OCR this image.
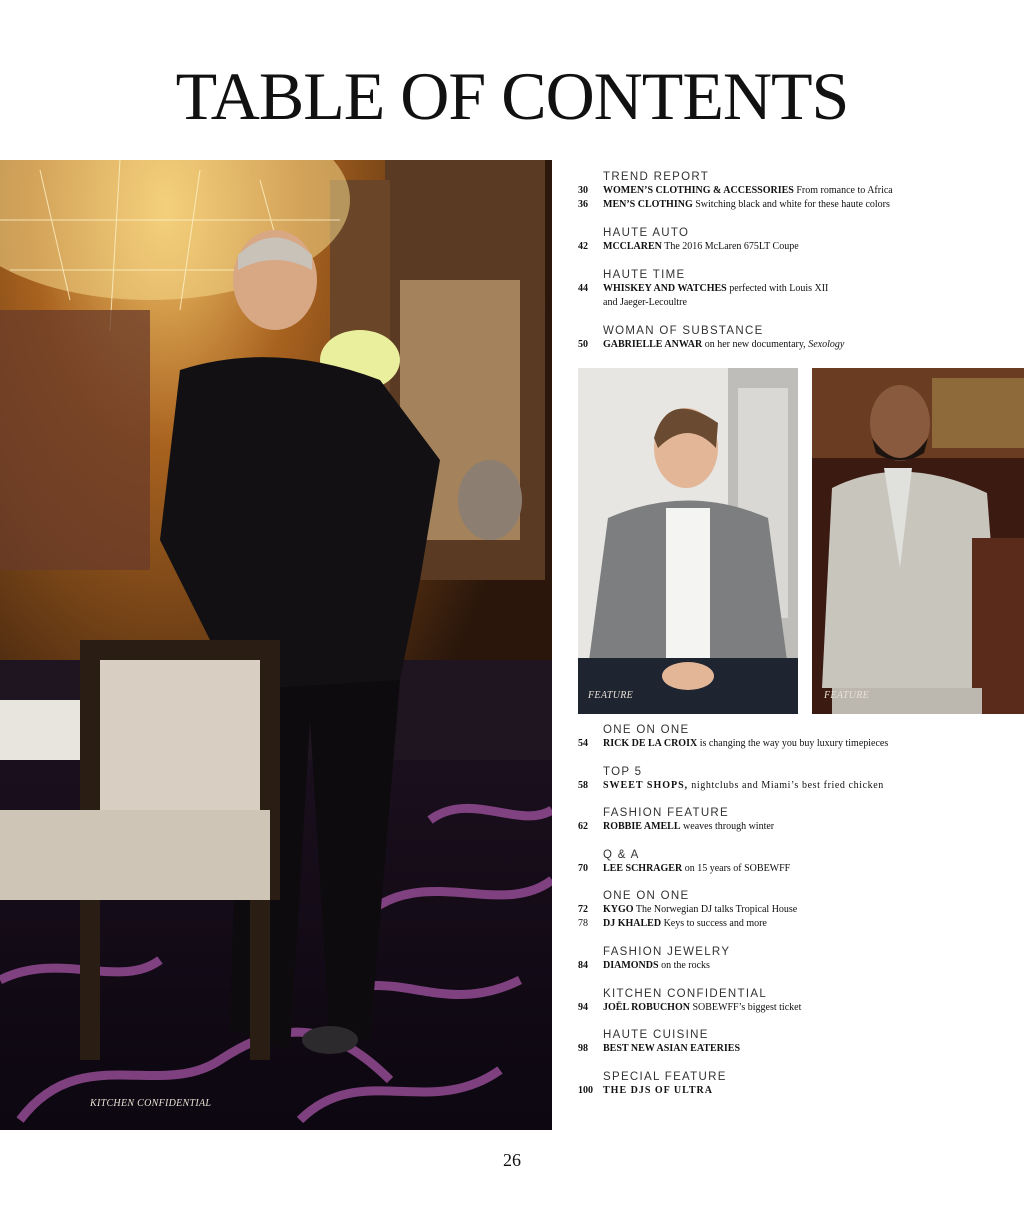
TABLE OF CONTENTS
KITCHEN CONFIDENTIAL
FEATURE	FEATURE
TREND REPORT
30	WOMEN’S CLOTHING & ACCESSORIES From romance to Africa
36	MEN’S CLOTHING Switching black and white for these haute colors
HAUTE AUTO
42	MCCLAREN The 2016 McLaren 675LT Coupe
HAUTE TIME
44	WHISKEY AND WATCHES perfected with Louis XII
and Jaeger-Lecoultre
WOMAN OF SUBSTANCE
50	GABRIELLE ANWAR on her new documentary, Sexology
ONE ON ONE
54	RICK DE LA CROIX is changing the way you buy luxury timepieces
TOP 5
58	SWEET SHOPS, nightclubs and Miami’s best fried chicken
FASHION FEATURE
62	ROBBIE AMELL weaves through winter
Q & A
70	LEE SCHRAGER on 15 years of SOBEWFF
ONE ON ONE
72	KYGO The Norwegian DJ talks Tropical House
78	DJ KHALED Keys to success and more
FASHION JEWELRY
84	DIAMONDS on the rocks
KITCHEN CONFIDENTIAL
94	JOËL ROBUCHON SOBEWFF’s biggest ticket
HAUTE CUISINE
98	BEST NEW ASIAN EATERIES
SPECIAL FEATURE
100	THE DJS OF ULTRA
26
